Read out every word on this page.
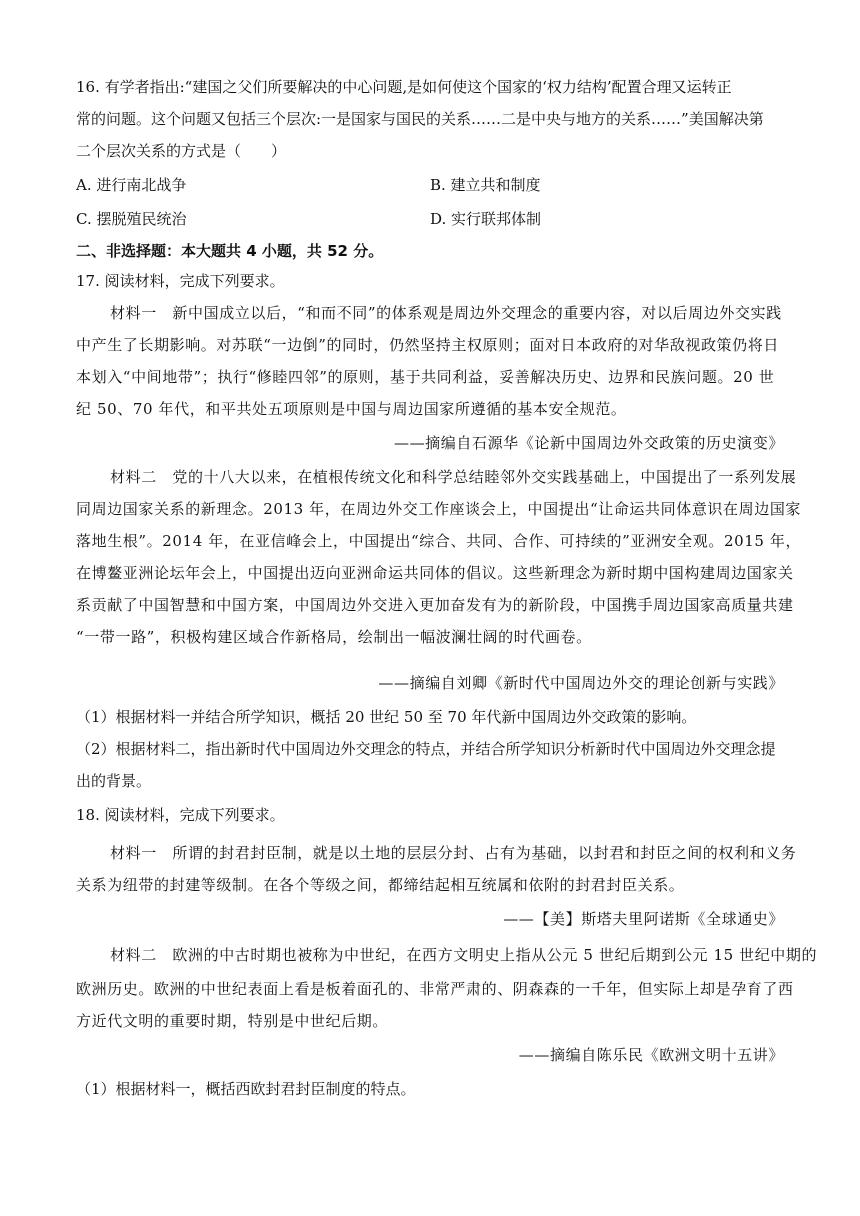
16. 有学者指出:“建国之父们所要解决的中心问题,是如何使这个国家的‘权力结构’配置合理又运转正
常的问题。这个问题又包括三个层次:一是国家与国民的关系……二是中央与地方的关系……”美国解决第
二个层次关系的方式是（　　）
A. 进行南北战争	B. 建立共和制度
C. 摆脱殖民统治	D. 实行联邦体制
二、非选择题：本大题共 4 小题，共 52 分。
17. 阅读材料，完成下列要求。
材料一　新中国成立以后，“和而不同”的体系观是周边外交理念的重要内容，对以后周边外交实践
中产生了长期影响。对苏联“一边倒”的同时，仍然坚持主权原则；面对日本政府的对华敌视政策仍将日
本划入“中间地带”；执行“修睦四邻”的原则，基于共同利益，妥善解决历史、边界和民族问题。20 世
纪 50、70 年代，和平共处五项原则是中国与周边国家所遵循的基本安全规范。
——摘编自石源华《论新中国周边外交政策的历史演变》
材料二　党的十八大以来，在植根传统文化和科学总结睦邻外交实践基础上，中国提出了一系列发展
同周边国家关系的新理念。2013 年，在周边外交工作座谈会上，中国提出“让命运共同体意识在周边国家
落地生根”。2014 年，在亚信峰会上，中国提出“综合、共同、合作、可持续的”亚洲安全观。2015 年，
在博鳌亚洲论坛年会上，中国提出迈向亚洲命运共同体的倡议。这些新理念为新时期中国构建周边国家关
系贡献了中国智慧和中国方案，中国周边外交进入更加奋发有为的新阶段，中国携手周边国家高质量共建
“一带一路”，积极构建区域合作新格局，绘制出一幅波澜壮阔的时代画卷。
——摘编自刘卿《新时代中国周边外交的理论创新与实践》
（1）根据材料一并结合所学知识，概括 20 世纪 50 至 70 年代新中国周边外交政策的影响。
（2）根据材料二，指出新时代中国周边外交理念的特点，并结合所学知识分析新时代中国周边外交理念提
出的背景。
18. 阅读材料，完成下列要求。
材料一　所谓的封君封臣制，就是以土地的层层分封、占有为基础，以封君和封臣之间的权利和义务
关系为纽带的封建等级制。在各个等级之间，都缔结起相互统属和依附的封君封臣关系。
——【美】斯塔夫里阿诺斯《全球通史》
材料二　欧洲的中古时期也被称为中世纪，在西方文明史上指从公元 5 世纪后期到公元 15 世纪中期的
欧洲历史。欧洲的中世纪表面上看是板着面孔的、非常严肃的、阴森森的一千年，但实际上却是孕育了西
方近代文明的重要时期，特别是中世纪后期。
——摘编自陈乐民《欧洲文明十五讲》
（1）根据材料一，概括西欧封君封臣制度的特点。
